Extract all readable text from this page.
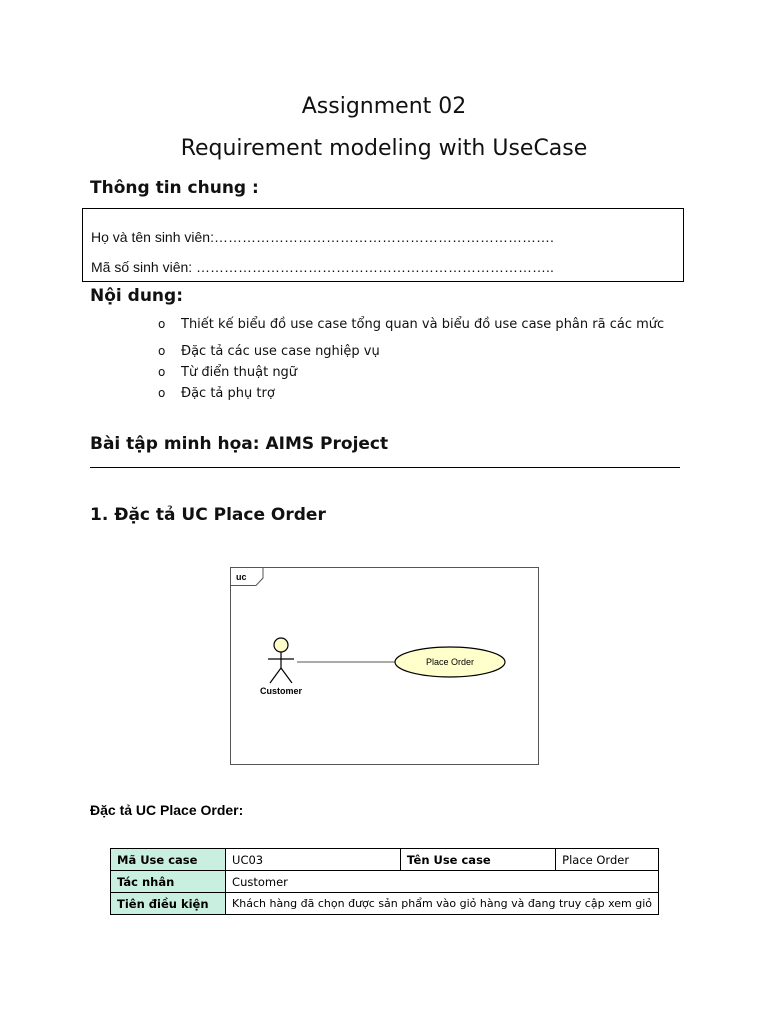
Assignment 02
Requirement modeling with UseCase
Thông tin chung :
Họ và tên sinh viên:……………………………………………………………….
Mã số sinh viên: …………………………………………………………………..
Nội dung:
o Thiết kế biểu đồ use case tổng quan và biểu đồ use case phân rã các mức
o Đặc tả các use case nghiệp vụ
o Từ điển thuật ngữ
o Đặc tả phụ trợ
Bài tập minh họa: AIMS Project
1. Đặc tả UC Place Order
uc
Customer
Place Order
Đặc tả UC Place Order:
Mã Use case	UC03	Tên Use case	Place Order
Tác nhân	Customer		
Tiên điều kiện	Khách hàng đã chọn được sản phẩm vào giỏ hàng và đang truy cập xem giỏ		
